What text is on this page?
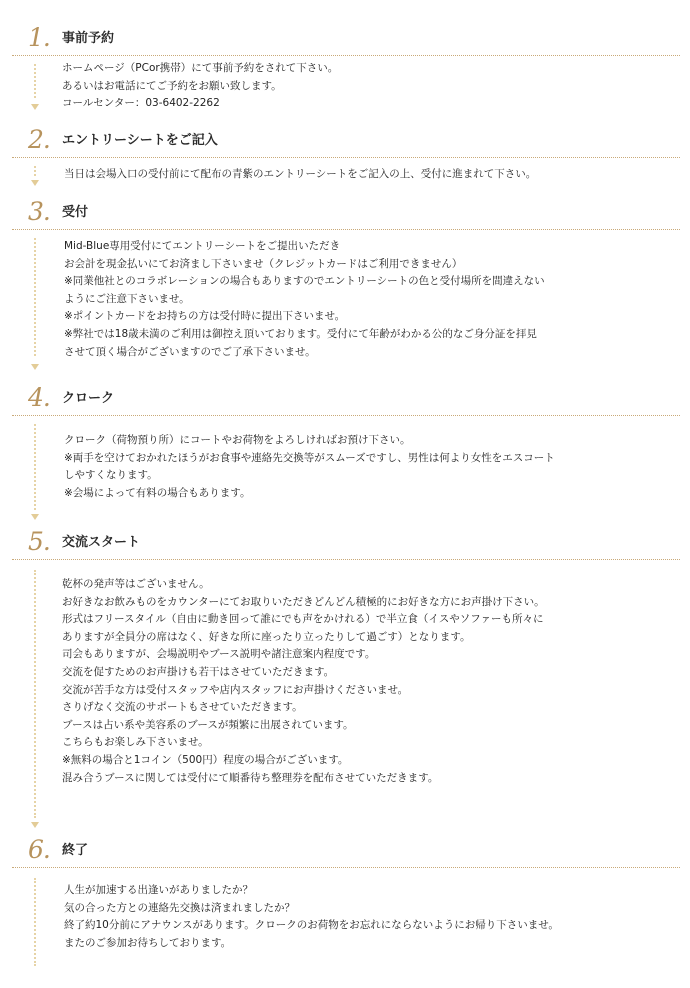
1. 事前予約
ホームページ（PCor携帯）にて事前予約をされて下さい。
あるいはお電話にてご予約をお願い致します。
コールセンター：03-6402-2262
2. エントリーシートをご記入
当日は会場入口の受付前にて配布の青紫のエントリーシートをご記入の上、受付に進まれて下さい。
3. 受付
Mid-Blue専用受付にてエントリーシートをご提出いただき
お会計を現金払いにてお済まし下さいませ（クレジットカードはご利用できません）
※同業他社とのコラボレーションの場合もありますのでエントリーシートの色と受付場所を間違えない
ようにご注意下さいませ。
※ポイントカードをお持ちの方は受付時に提出下さいませ。
※弊社では18歳未満のご利用は御控え頂いております。受付にて年齢がわかる公的なご身分証を拝見
させて頂く場合がございますのでご了承下さいませ。
4. クローク
クローク（荷物預り所）にコートやお荷物をよろしければお預け下さい。
※両手を空けておかれたほうがお食事や連絡先交換等がスムーズですし、男性は何より女性をエスコート
しやすくなります。
※会場によって有料の場合もあります。
5. 交流スタート
乾杯の発声等はございません。
お好きなお飲みものをカウンターにてお取りいただきどんどん積極的にお好きな方にお声掛け下さい。
形式はフリースタイル（自由に動き回って誰にでも声をかけれる）で半立食（イスやソファーも所々に
ありますが全員分の席はなく、好きな所に座ったり立ったりして過ごす）となります。
司会もありますが、会場説明やブース説明や諸注意案内程度です。
交流を促すためのお声掛けも若干はさせていただきます。
交流が苦手な方は受付スタッフや店内スタッフにお声掛けくださいませ。
さりげなく交流のサポートもさせていただきます。
ブースは占い系や美容系のブースが頻繁に出展されています。
こちらもお楽しみ下さいませ。
※無料の場合と1コイン（500円）程度の場合がございます。
混み合うブースに関しては受付にて順番待ち整理券を配布させていただきます。
6. 終了
人生が加速する出逢いがありましたか？
気の合った方との連絡先交換は済まれましたか？
終了約10分前にアナウンスがあります。クロークのお荷物をお忘れにならないようにお帰り下さいませ。
またのご参加お待ちしております。
